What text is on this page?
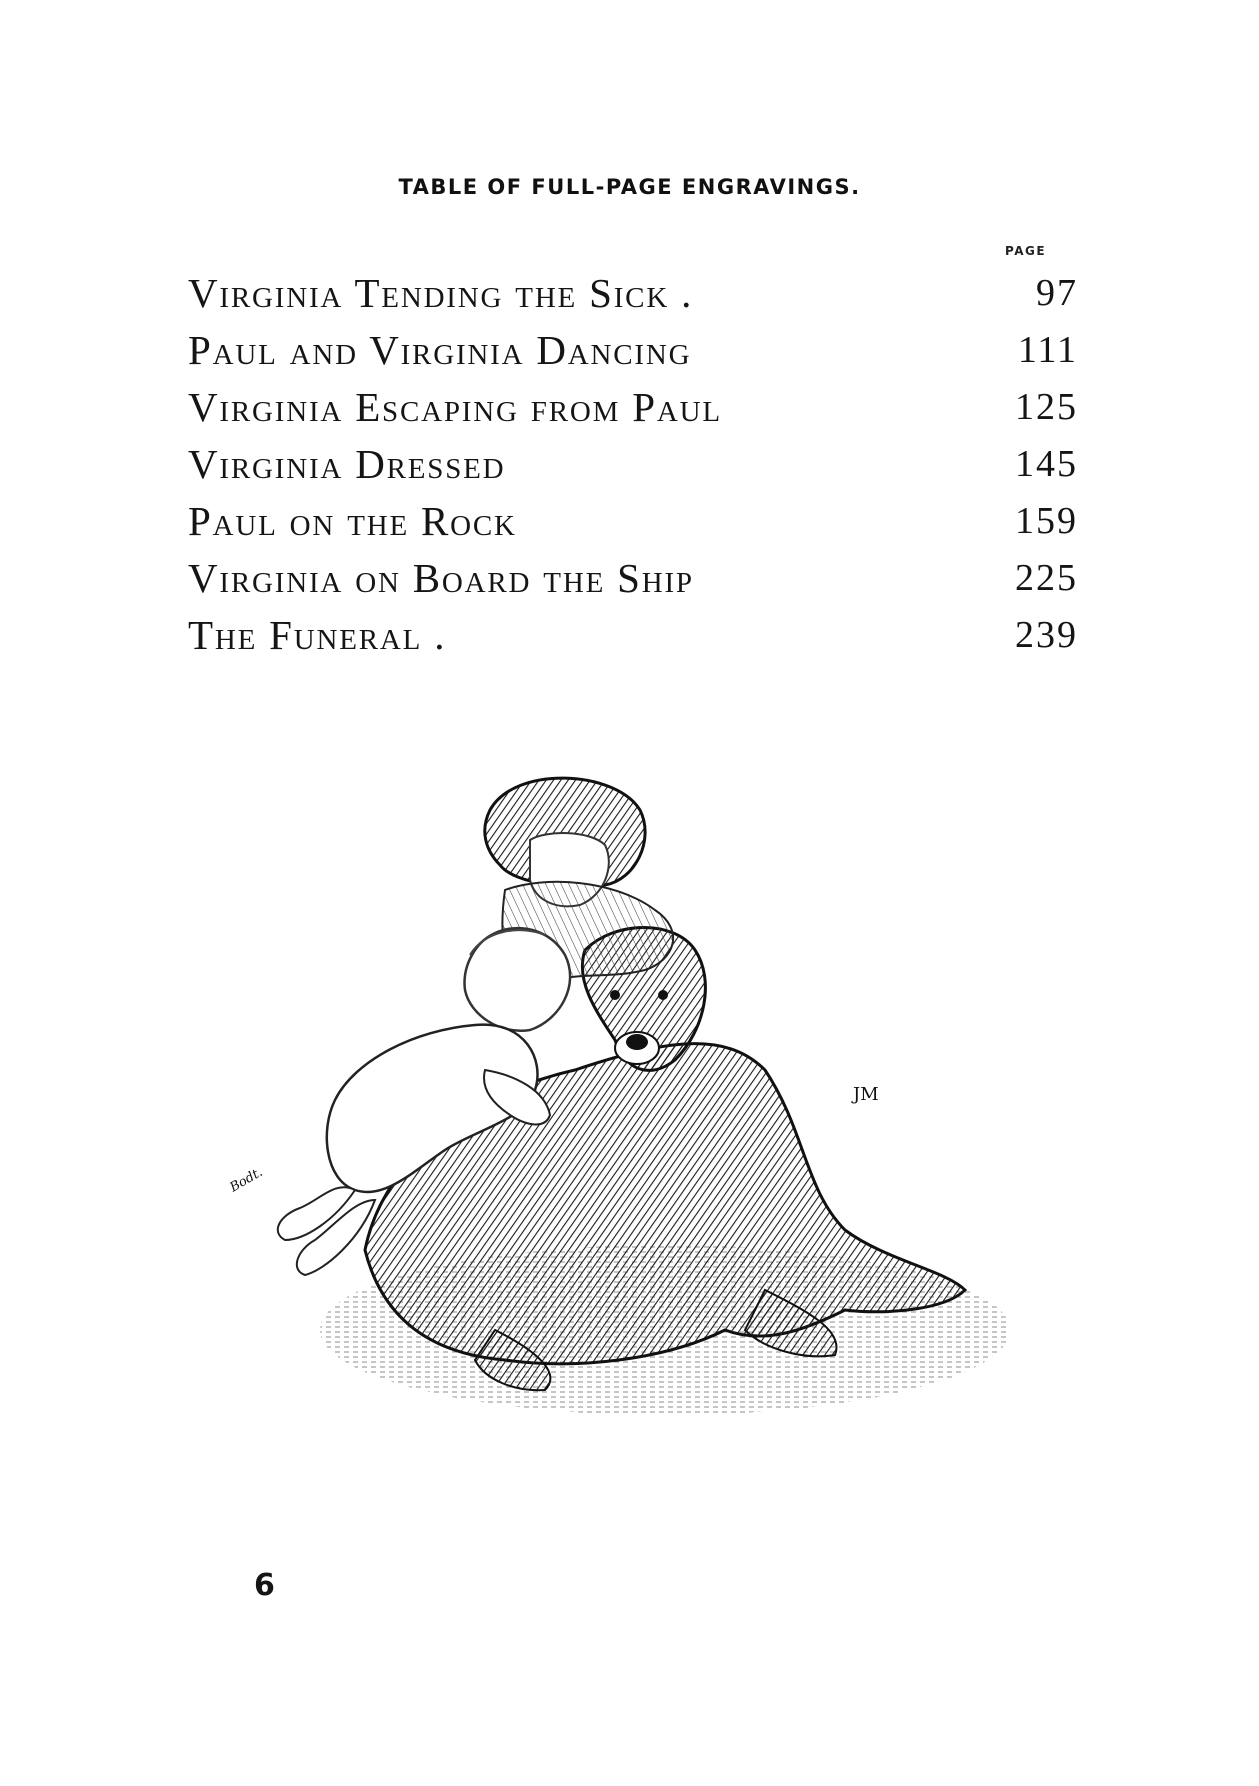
TABLE OF FULL-PAGE ENGRAVINGS.
PAGE
Virginia Tending the Sick .	97
Paul and Virginia Dancing	111
Virginia Escaping from Paul	125
Virginia Dressed	145
Paul on the Rock	159
Virginia on Board the Ship	225
The Funeral .	239
Bodt.
JM
6
